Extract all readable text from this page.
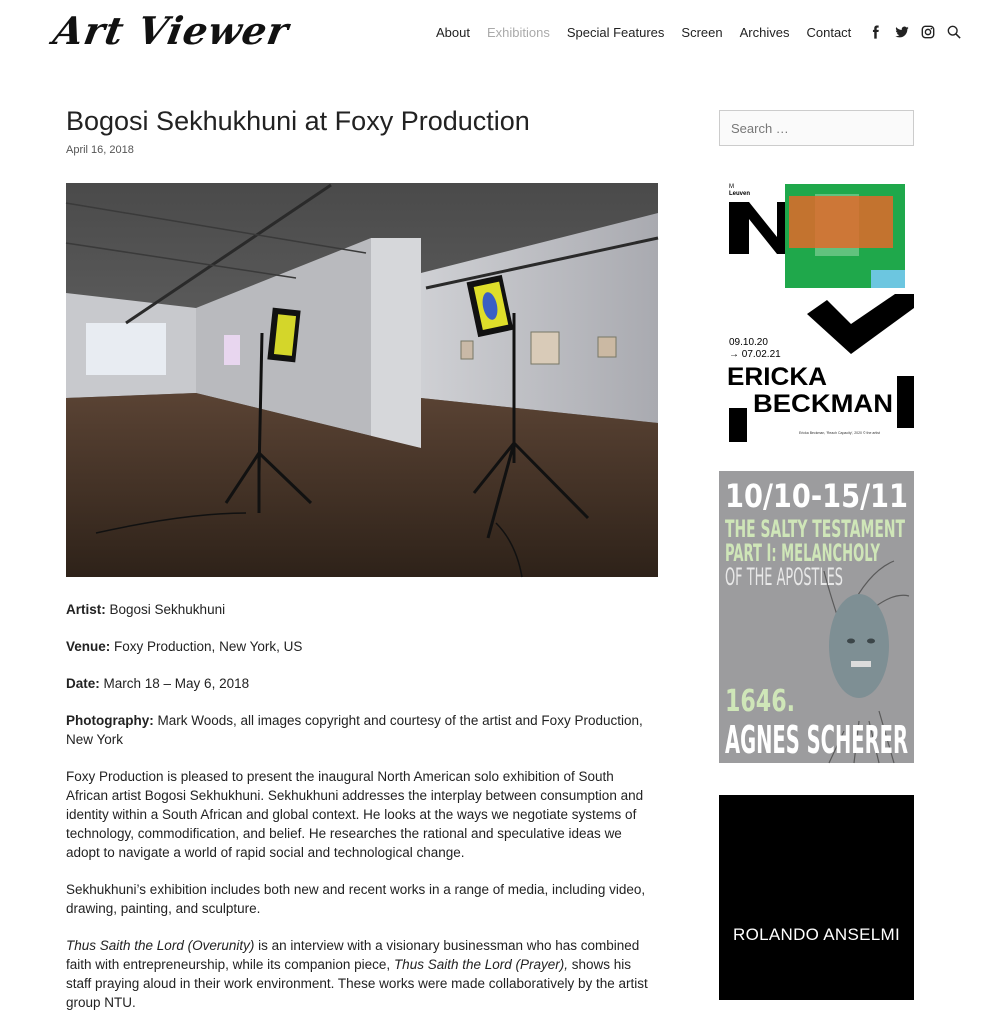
Art Viewer	About Exhibitions Special Features Screen Archives Contact
Bogosi Sekhukhuni at Foxy Production
April 16, 2018

Artist: Bogosi Sekhukhuni

Venue: Foxy Production, New York, US

Date: March 18 – May 6, 2018

Photography: Mark Woods, all images copyright and courtesy of the artist and Foxy Production, New York

Foxy Production is pleased to present the inaugural North American solo exhibition of South African artist Bogosi Sekhukhuni. Sekhukhuni addresses the interplay between consumption and identity within a South African and global context. He looks at the ways we negotiate systems of technology, commodification, and belief. He researches the rational and speculative ideas we adopt to navigate a world of rapid social and technological change.

Sekhukhuni’s exhibition includes both new and recent works in a range of media, including video, drawing, painting, and sculpture.

Thus Saith the Lord (Overunity) is an interview with a visionary businessman who has combined faith with entrepreneurship, while its companion piece, Thus Saith the Lord (Prayer), shows his staff praying aloud in their work environment. These works were made collaboratively by the artist group NTU.

Search …
M
Leuven
09.10.20
→ 07.02.21
ERICKA
BECKMAN
Ericka Beckman, 'Reach Capacity', 2020 © the artist
10/10-15/11
THE SALTY TESTAMENT
PART I: MELANCHOLY
OF THE APOSTLES
1646.
AGNES SCHERER
ROLANDO ANSELMI
